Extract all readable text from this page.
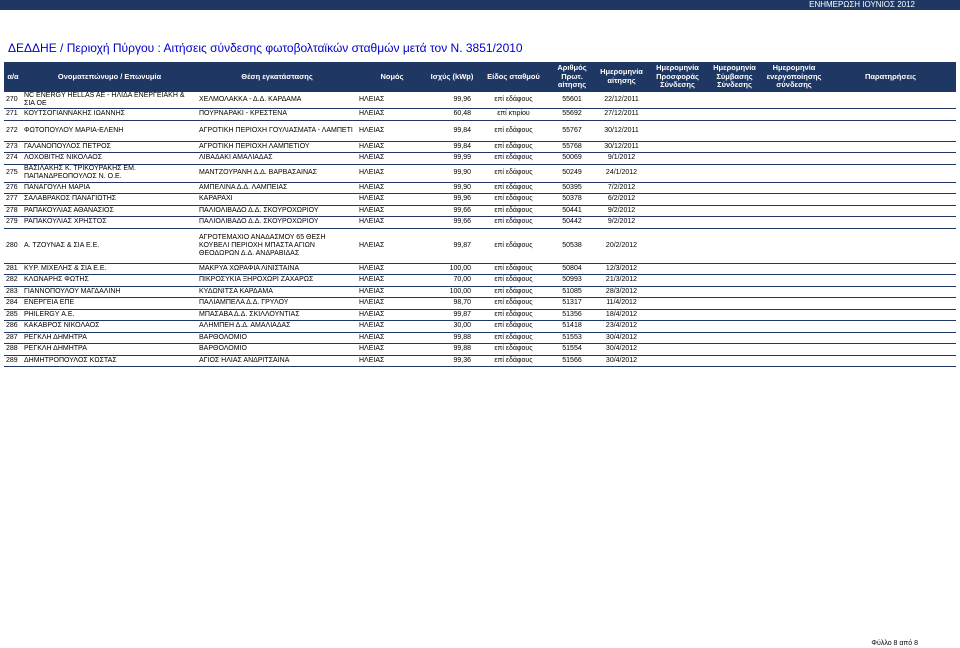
ΕΝΗΜΕΡΩΣΗ ΙΟΥΝΙΟΣ 2012
ΔΕΔΔΗΕ / Περιοχή Πύργου : Αιτήσεις σύνδεσης φωτοβολταϊκών σταθμών μετά τον Ν. 3851/2010
α/α	Ονοματεπώνυμο / Επωνυμία	Θέση εγκατάστασης	Νομός	Ισχύς (kWp)	Είδος σταθμού	Αριθμός Πρωτ. αίτησης	Ημερομηνία αίτησης	Ημερομηνία Προσφοράς Σύνδεσης	Ημερομηνία Σύμβασης Σύνδεσης	Ημερομηνία ενεργοποίησης σύνδεσης	Παρατηρήσεις
270	NC ENERGY HELLAS AE - ΗΛΙΔΑ ΕΝΕΡΓΕΙΑΚΗ & ΣΙΑ ΟΕ	ΧΕΛΜΟΛΑΚΚΑ - Δ.Δ. ΚΑΡΔΑΜΑ	ΗΛΕΙΑΣ	99,96	επί εδάφους	55601	22/12/2011				
271	ΚΟΥΤΣΟΓΙΑΝΝΑΚΗΣ ΙΩΑΝΝΗΣ	ΠΟΥΡΝΑΡΑΚΙ - ΚΡΕΣΤΕΝΑ	ΗΛΕΙΑΣ	60,48	επί κτιρίου	55692	27/12/2011				
272	ΦΩΤΟΠΟΥΛΟΥ ΜΑΡΙΑ-ΕΛΕΝΗ	ΑΓΡΟΤΙΚΗ ΠΕΡΙΟΧΗ ΓΟΥΛΙΑΣΜΑΤΑ - ΛΑΜΠΕΤΙ	ΗΛΕΙΑΣ	99,84	επί εδάφους	55767	30/12/2011				
273	ΓΑΛΑΝΟΠΟΥΛΟΣ ΠΕΤΡΟΣ	ΑΓΡΟΤΙΚΗ ΠΕΡΙΟΧΗ ΛΑΜΠΕΤΙΟΥ	ΗΛΕΙΑΣ	99,84	επί εδάφους	55768	30/12/2011				
274	ΛΟΧΟΒΙΤΗΣ ΝΙΚΟΛΑΟΣ	ΛΙΒΑΔΑΚΙ ΑΜΑΛΙΑΔΑΣ	ΗΛΕΙΑΣ	99,99	επί εδάφους	50069	9/1/2012				
275	ΒΑΣΙΛΑΚΗΣ Κ. ΤΡΙΚΟΥΡΑΚΗΣ ΕΜ. ΠΑΠΑΝΔΡΕΟΠΟΥΛΟΣ Ν. Ο.Ε.	ΜΑΝΤΖΟΥΡΑΝΗ Δ.Δ. ΒΑΡΒΑΣΑΙΝΑΣ	ΗΛΕΙΑΣ	99,90	επί εδάφους	50249	24/1/2012				
276	ΠΑΝΑΓΟΥΛΗ ΜΑΡΙΑ	ΑΜΠΕΛΙΝΑ Δ.Δ. ΛΑΜΠΕΙΑΣ	ΗΛΕΙΑΣ	99,90	επί εδάφους	50395	7/2/2012				
277	ΣΑΛΑΒΡΑΚΟΣ ΠΑΝΑΓΙΩΤΗΣ	ΚΑΡΑΡΑΧΙ	ΗΛΕΙΑΣ	99,96	επί εδάφους	50378	6/2/2012				
278	ΡΑΠΑΚΟΥΛΙΑΣ ΑΘΑΝΑΣΙΟΣ	ΠΑΛΙΟΛΙΒΑΔΟ Δ.Δ. ΣΚΟΥΡΟΧΩΡΙΟΥ	ΗΛΕΙΑΣ	99,66	επί εδάφους	50441	9/2/2012				
279	ΡΑΠΑΚΟΥΛΙΑΣ ΧΡΗΣΤΟΣ	ΠΑΛΙΟΛΙΒΑΔΟ Δ.Δ. ΣΚΟΥΡΟΧΩΡΙΟΥ	ΗΛΕΙΑΣ	99,66	επί εδάφους	50442	9/2/2012				
280	Α. ΤΖΟΥΝΑΣ & ΣΙΑ Ε.Ε.	ΑΓΡΟΤΕΜΑΧΙΟ ΑΝΑΔΑΣΜΟΥ 65 ΘΕΣΗ ΚΟΥΒΕΛΙ ΠΕΡΙΟΧΗ ΜΠΑΣΤΑ ΑΓΙΩΝ ΘΕΟΔΩΡΩΝ Δ.Δ. ΑΝΔΡΑΒΙΔΑΣ	ΗΛΕΙΑΣ	99,87	επί εδάφους	50538	20/2/2012				
281	ΚΥΡ. ΜΙΧΕΛΗΣ & ΣΙΑ Ε.Ε.	ΜΑΚΡΥΑ ΧΩΡΑΦΙΑ ΛΙΝΙΣΤΑΙΝΑ	ΗΛΕΙΑΣ	100,00	επί εδάφους	50804	12/3/2012				
282	ΚΛΩΝΑΡΗΣ ΦΩΤΗΣ	ΠΙΚΡΟΣΥΚΙΑ ΞΗΡΟΧΩΡΙ ΖΑΧΑΡΩΣ	ΗΛΕΙΑΣ	70,00	επί εδάφους	50993	21/3/2012				
283	ΓΙΑΝΝΟΠΟΥΛΟΥ ΜΑΓΔΑΛΙΝΗ	ΚΥΔΩΝΙΤΣΑ ΚΑΡΔΑΜΑ	ΗΛΕΙΑΣ	100,00	επί εδάφους	51085	28/3/2012				
284	ΕΝΕΡΓΕΙΑ ΕΠΕ	ΠΑΛΙΑΜΠΕΛΑ Δ.Δ. ΓΡΥΛΟΥ	ΗΛΕΙΑΣ	98,70	επί εδάφους	51317	11/4/2012				
285	PHILERGY Α.Ε.	ΜΠΑΣΑΒΑ Δ.Δ. ΣΚΙΛΛΟΥΝΤΙΑΣ	ΗΛΕΙΑΣ	99,87	επί εδάφους	51356	18/4/2012				
286	ΚΑΚΑΒΡΟΣ ΝΙΚΟΛΑΟΣ	ΑΛΗΜΠΕΗ Δ.Δ. ΑΜΑΛΙΑΔΑΣ	ΗΛΕΙΑΣ	30,00	επί εδάφους	51418	23/4/2012				
287	ΡΕΓΚΛΗ ΔΗΜΗΤΡΑ	ΒΑΡΘΟΛΟΜΙΟ	ΗΛΕΙΑΣ	99,88	επί εδάφους	51553	30/4/2012				
288	ΡΕΓΚΛΗ ΔΗΜΗΤΡΑ	ΒΑΡΘΟΛΟΜΙΟ	ΗΛΕΙΑΣ	99,88	επί εδάφους	51554	30/4/2012				
289	ΔΗΜΗΤΡΟΠΟΥΛΟΣ ΚΩΣΤΑΣ	ΑΓΙΟΣ ΗΛΙΑΣ ΑΝΔΡΙΤΣΑΙΝΑ	ΗΛΕΙΑΣ	99,36	επί εδάφους	51566	30/4/2012				
Φύλλο 8 από 8
